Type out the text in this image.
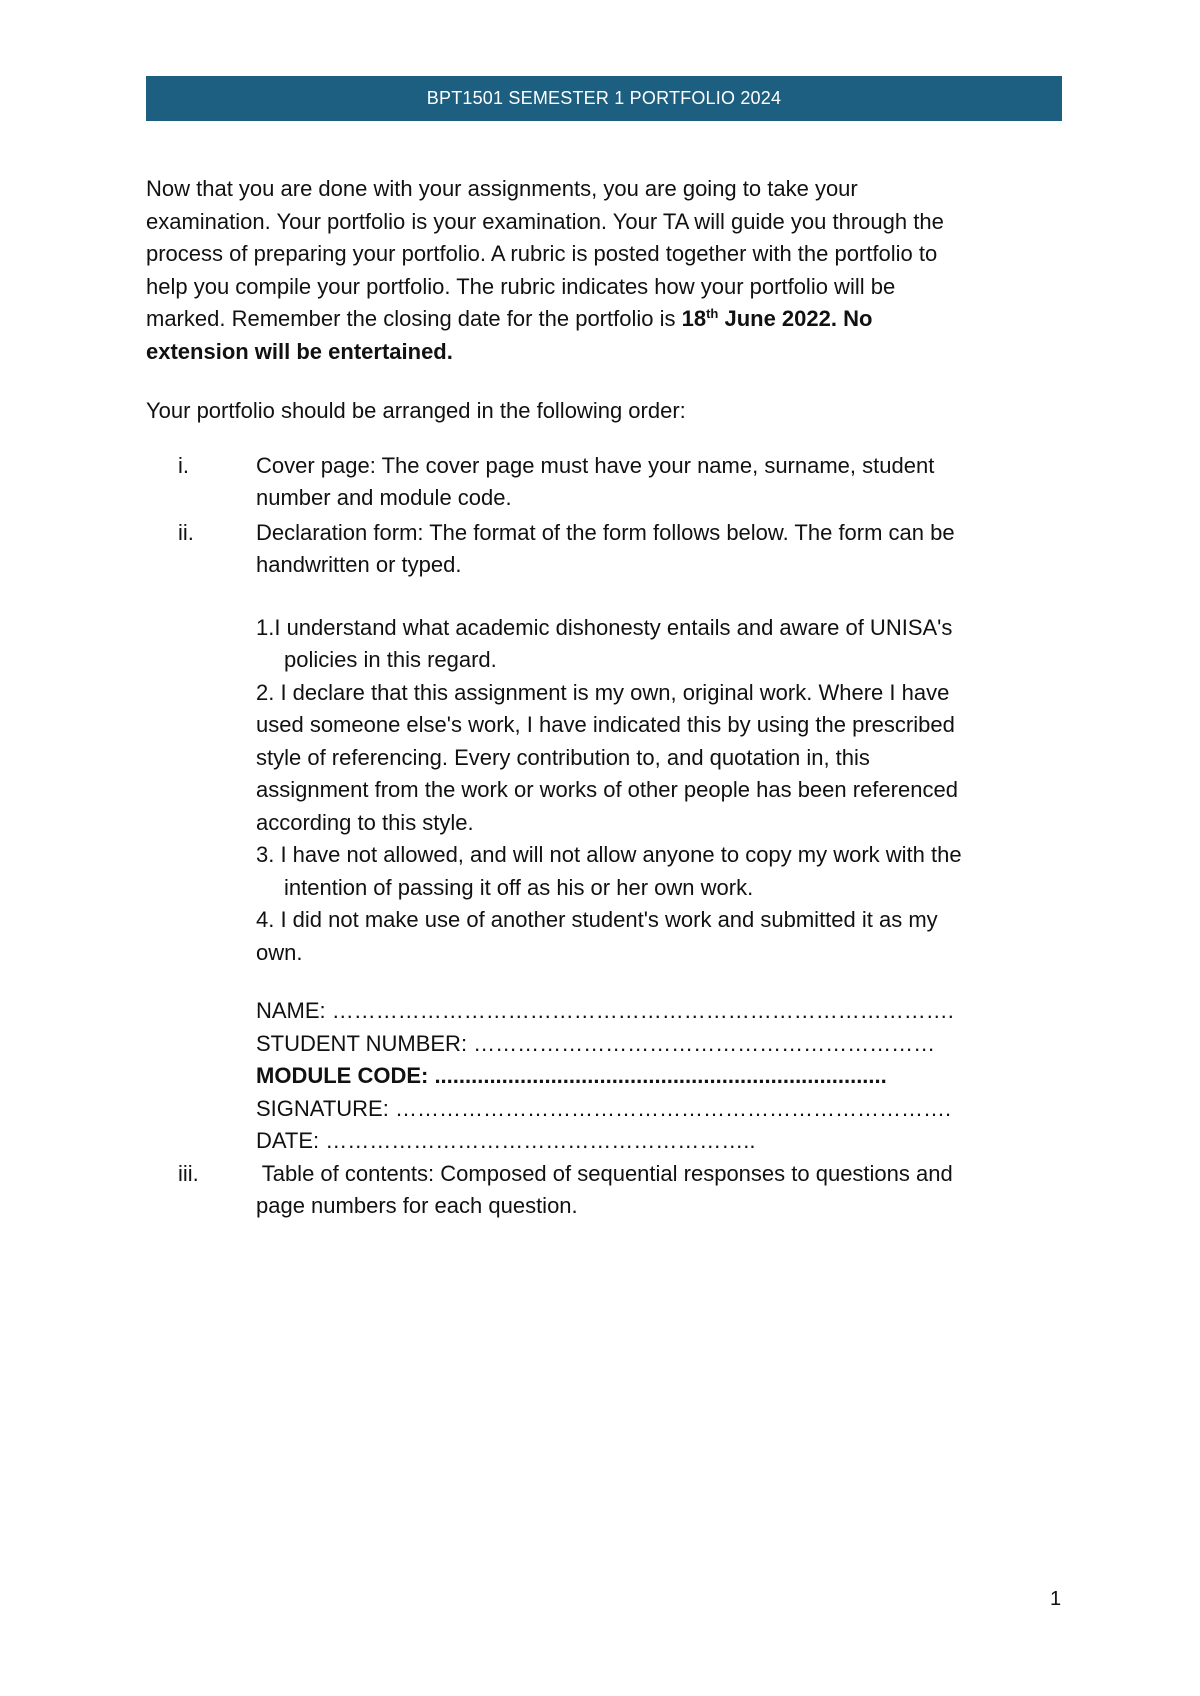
BPT1501 SEMESTER 1 PORTFOLIO 2024

Now that you are done with your assignments, you are going to take your

examination. Your portfolio is your examination. Your TA will guide you through the

process of preparing your portfolio. A rubric is posted together with the portfolio to

help you compile your portfolio. The rubric indicates how your portfolio will be

marked. Remember the closing date for the portfolio is 18th June 2022. No

extension will be entertained.

Your portfolio should be arranged in the following order:

i.	Cover page: The cover page must have your name, surname, student
number and module code.
ii.	Declaration form: The format of the form follows below. The form can be
handwritten or typed.
1.I understand what academic dishonesty entails and aware of UNISA's
policies in this regard.
2. I declare that this assignment is my own, original work. Where I have
used someone else's work, I have indicated this by using the prescribed
style of referencing. Every contribution to, and quotation in, this
assignment from the work or works of other people has been referenced
according to this style.
3. I have not allowed, and will not allow anyone to copy my work with the
intention of passing it off as his or her own work.
4. I did not make use of another student's work and submitted it as my
own.
NAME: ………………………………………………………………………….
STUDENT NUMBER: ………………………………………………………
MODULE CODE: ..........................................................................
SIGNATURE: ………………………………………………………………….
DATE: …………………………………………………..
iii.	Table of contents: Composed of sequential responses to questions and
page numbers for each question.
1
